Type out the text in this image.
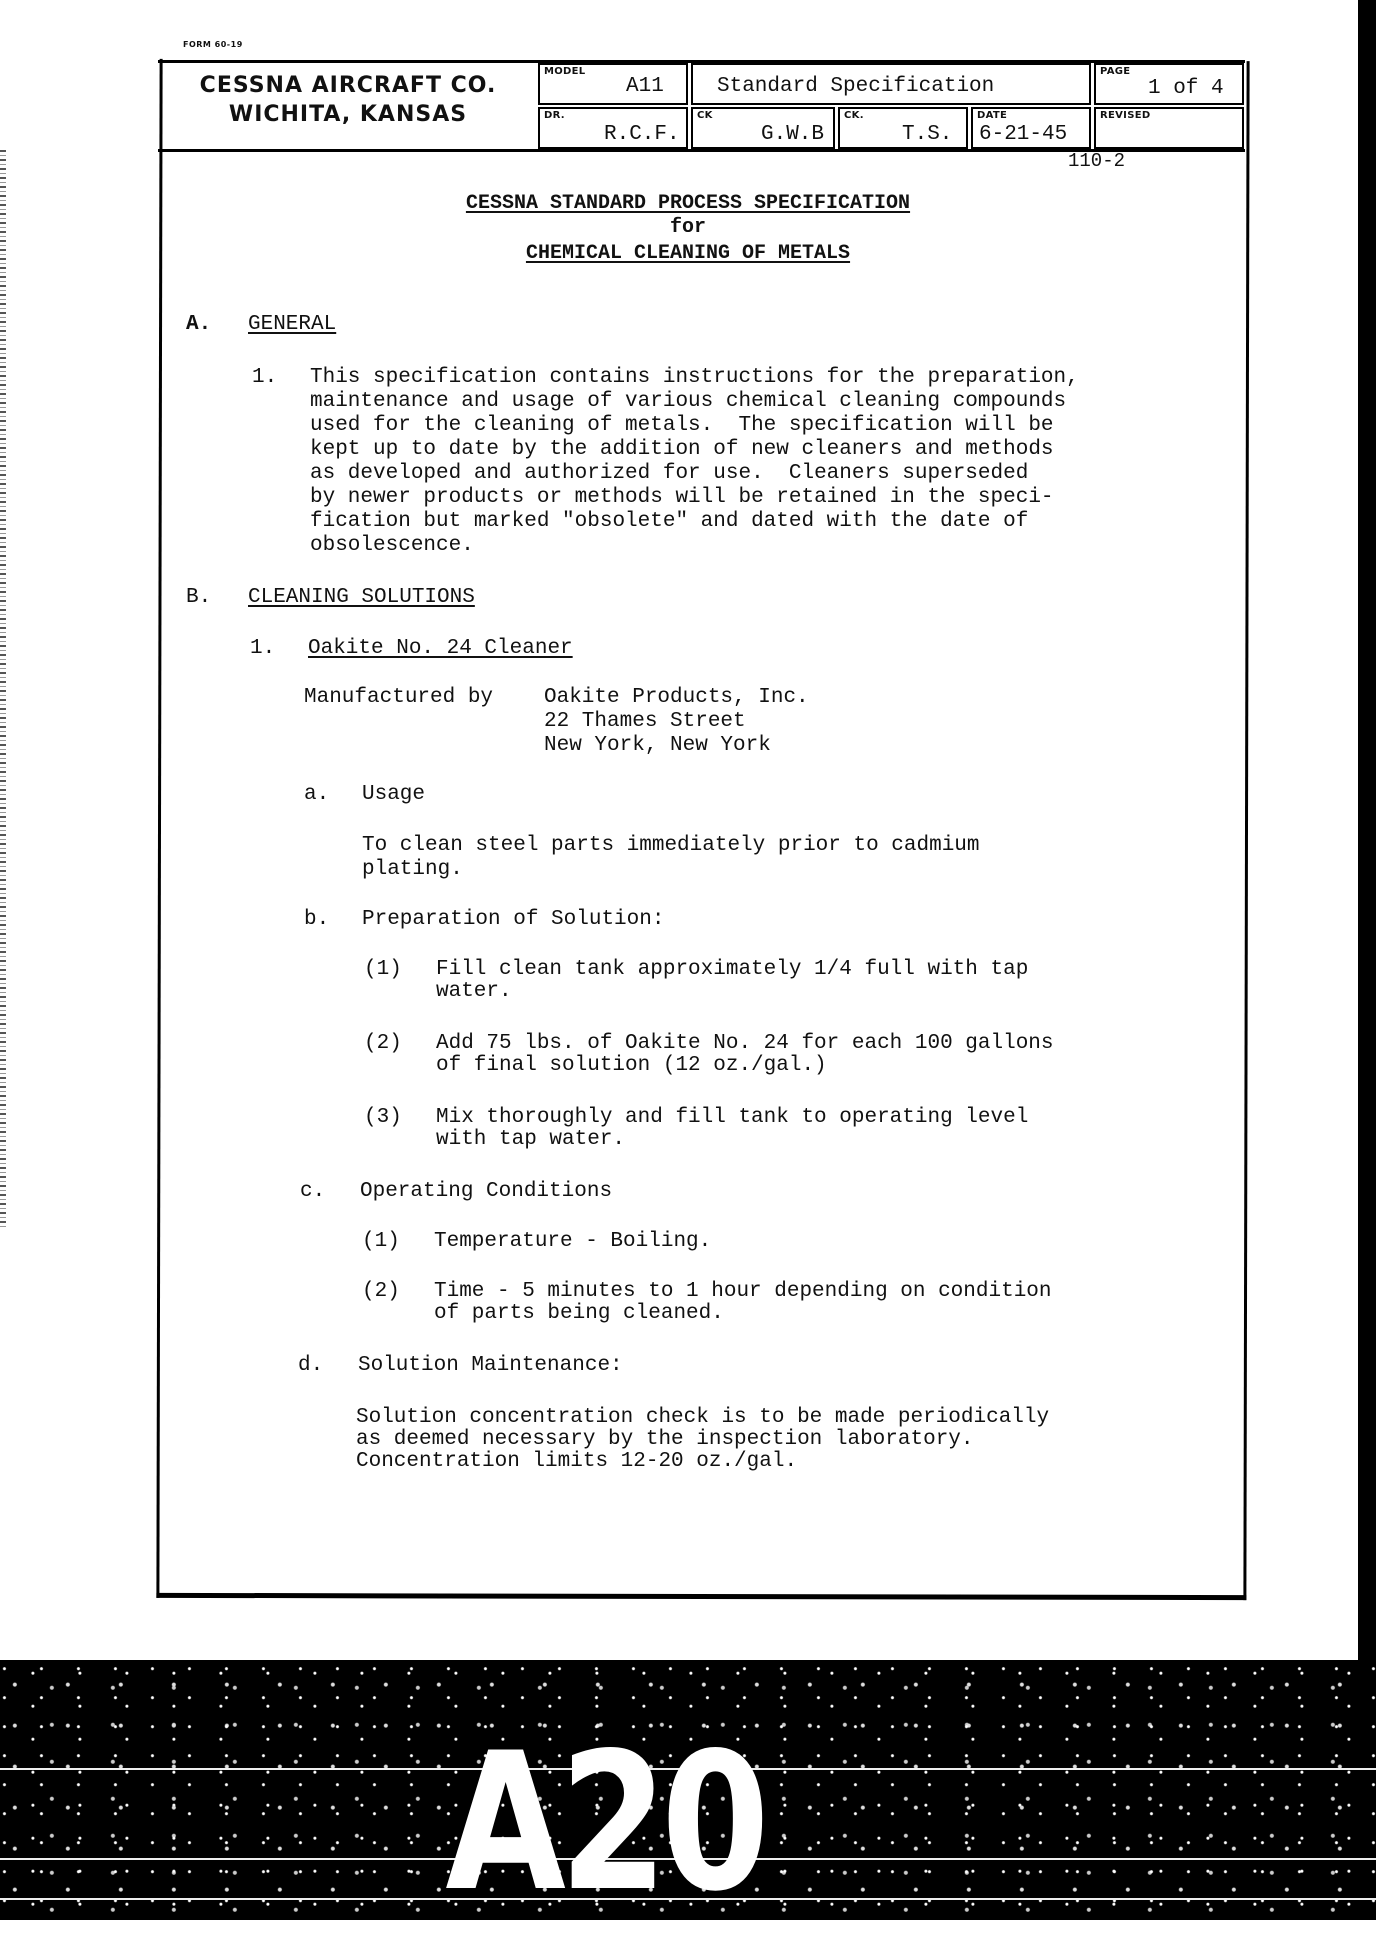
FORM 60-19
CESSNA AIRCRAFT CO.
WICHITA, KANSAS
MODEL
A11	Standard Specification
PAGE
1 of 4
DR.
R.C.F.
CK
G.W.B
CK.
T.S.
DATE
6-21-45
REVISED
110-2
CESSNA STANDARD PROCESS SPECIFICATION
for
CHEMICAL CLEANING OF METALS
A. GENERAL
1. This specification contains instructions for the preparation,
maintenance and usage of various chemical cleaning compounds
used for the cleaning of metals.  The specification will be
kept up to date by the addition of new cleaners and methods
as developed and authorized for use.  Cleaners superseded
by newer products or methods will be retained in the speci-
fication but marked "obsolete" and dated with the date of
obsolescence.
B. CLEANING SOLUTIONS
1. Oakite No. 24 Cleaner
Manufactured by Oakite Products, Inc.
22 Thames Street
New York, New York
a. Usage
To clean steel parts immediately prior to cadmium
plating.
b. Preparation of Solution:
(1) Fill clean tank approximately 1/4 full with tap
water.
(2) Add 75 lbs. of Oakite No. 24 for each 100 gallons
of final solution (12 oz./gal.)
(3) Mix thoroughly and fill tank to operating level
with tap water.
c. Operating Conditions
(1) Temperature - Boiling.
(2) Time - 5 minutes to 1 hour depending on condition
of parts being cleaned.
d. Solution Maintenance:
Solution concentration check is to be made periodically
as deemed necessary by the inspection laboratory.
Concentration limits 12-20 oz./gal.
A20
